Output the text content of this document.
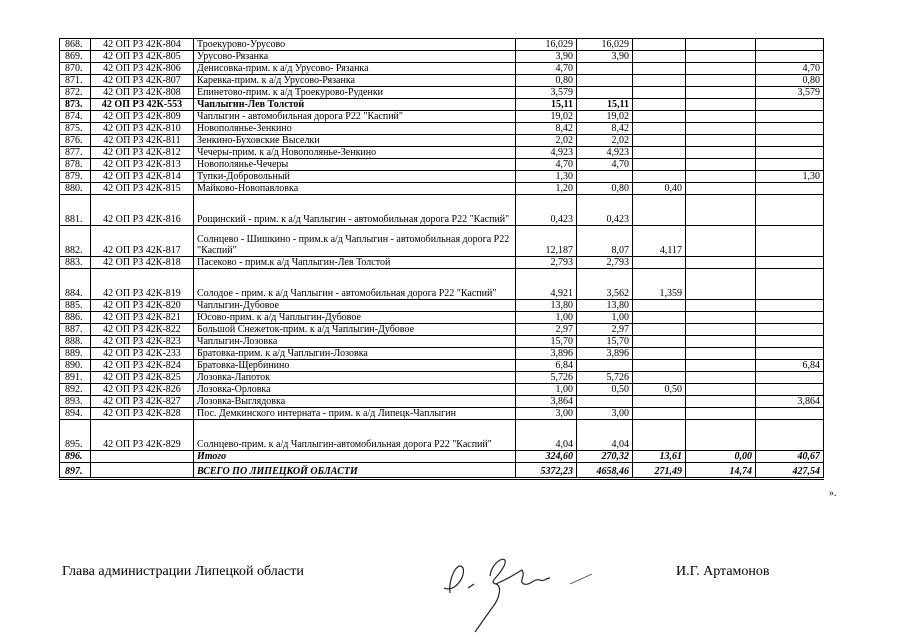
868.	42 ОП РЗ 42К-804	Троекурово-Урусово	16,029	16,029			
869.	42 ОП РЗ 42К-805	Урусово-Рязанка	3,90	3,90			
870.	42 ОП РЗ 42К-806	Денисовка-прим. к а/д Урусово- Рязанка	4,70				4,70
871.	42 ОП РЗ 42К-807	Каревка-прим. к а/д Урусово-Рязанка	0,80				0,80
872.	42 ОП РЗ 42К-808	Епинетово-прим. к а/д Троекурово-Руденки	3,579				3,579
873.	42 ОП РЗ 42К-553	Чаплыгин-Лев Толстой	15,11	15,11			
874.	42 ОП РЗ 42К-809	Чаплыгин - автомобильная дорога Р22 "Каспий"	19,02	19,02			
875.	42 ОП РЗ 42К-810	Новополянье-Зенкино	8,42	8,42			
876.	42 ОП РЗ 42К-811	Зенкино-Буховские Выселки	2,02	2,02			
877.	42 ОП РЗ 42К-812	Чечеры-прим. к а/д Новополянье-Зенкино	4,923	4,923			
878.	42 ОП РЗ 42К-813	Новополянье-Чечеры	4,70	4,70			
879.	42 ОП РЗ 42К-814	Тупки-Добровольный	1,30				1,30
880.	42 ОП РЗ 42К-815	Майково-Новопавловка	1,20	0,80	0,40		
881.	42 ОП РЗ 42К-816	Рощинский - прим. к а/д Чаплыгин - автомобильная дорога Р22 "Каспий"	0,423	0,423			
882.	42 ОП РЗ 42К-817	Солнцево - Шишкино - прим.к а/д Чаплыгин - автомобильная дорога Р22 "Каспий"	12,187	8,07	4,117		
883.	42 ОП РЗ 42К-818	Пасеково - прим.к а/д Чаплыгин-Лев Толстой	2,793	2,793			
884.	42 ОП РЗ 42К-819	Солодое - прим. к а/д Чаплыгин - автомобильная дорога Р22 "Каспий"	4,921	3,562	1,359		
885.	42 ОП РЗ 42К-820	Чаплыгин-Дубовое	13,80	13,80			
886.	42 ОП РЗ 42К-821	Юсово-прим. к а/д Чаплыгин-Дубовое	1,00	1,00			
887.	42 ОП РЗ 42К-822	Большой Снежеток-прим. к а/д Чаплыгин-Дубовое	2,97	2,97			
888.	42 ОП РЗ 42К-823	Чаплыгин-Лозовка	15,70	15,70			
889.	42 ОП РЗ 42К-233	Братовка-прим. к а/д Чаплыгин-Лозовка	3,896	3,896			
890.	42 ОП РЗ 42К-824	Братовка-Щербинино	6,84				6,84
891.	42 ОП РЗ 42К-825	Лозовка-Лапоток	5,726	5,726			
892.	42 ОП РЗ 42К-826	Лозовка-Орловка	1,00	0,50	0,50		
893.	42 ОП РЗ 42К-827	Лозовка-Выглядовка	3,864				3,864
894.	42 ОП РЗ 42К-828	Пос. Демкинского интерната - прим. к а/д Липецк-Чаплыгин	3,00	3,00			
895.	42 ОП РЗ 42К-829	Солнцево-прим. к а/д Чаплыгин-автомобильная дорога Р22 "Каспий"	4,04	4,04			
896.		Итого	324,60	270,32	13,61	0,00	40,67
897.		ВСЕГО ПО ЛИПЕЦКОЙ ОБЛАСТИ	5372,23	4658,46	271,49	14,74	427,54
».
Глава администрации Липецкой области	И.Г. Артамонов
